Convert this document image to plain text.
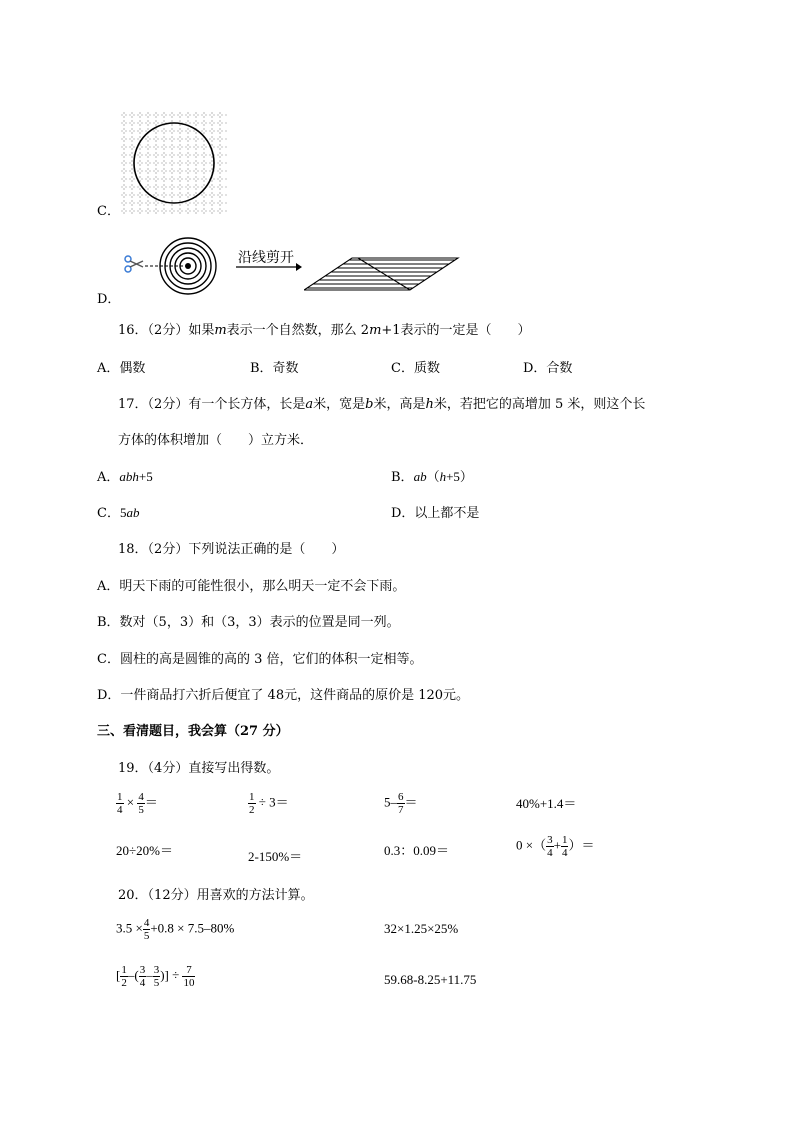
C．
沿线剪开
D．
16．（2分）如果m表示一个自然数，那么 2m+1表示的一定是（　　）
A．偶数	B．奇数	C．质数	D．合数
17．（2分）有一个长方体，长是a米，宽是b米，高是h米，若把它的高增加 5 米，则这个长
方体的体积增加（　　）立方米．
A．abh+5	B．ab（h+5）
C．5ab	D．以上都不是
18．（2分）下列说法正确的是（　　）
A．明天下雨的可能性很小，那么明天一定不会下雨。
B．数对（5，3）和（3，3）表示的位置是同一列。
C．圆柱的高是圆锥的高的 3 倍，它们的体积一定相等。
D．一件商品打六折后便宜了 48元，这件商品的原价是 120元。
三、看清题目，我会算（27 分）
19．（4分）直接写出得数。
$\frac{1}{4} \times \frac{4}{5}$ ＝	$\frac{1}{2} \div 3=$	$5- \frac{6}{7}$ ＝	40%+1.4＝
20÷20%＝	2-150%＝	0.3：0.09＝	0 ×（ $\frac{3}{4} + \frac{1}{4}$ ）＝
20．（12分）用喜欢的方法计算。
$3.5 \times \frac{4}{5} +0.8 \times 7.5-80\%$	32×1.25×25%
[ $\frac{1}{2}$ –( $\frac{3}{4} - \frac{3}{5}$ )] ÷ $\frac{7}{10}$	59.68-8.25+11.75
